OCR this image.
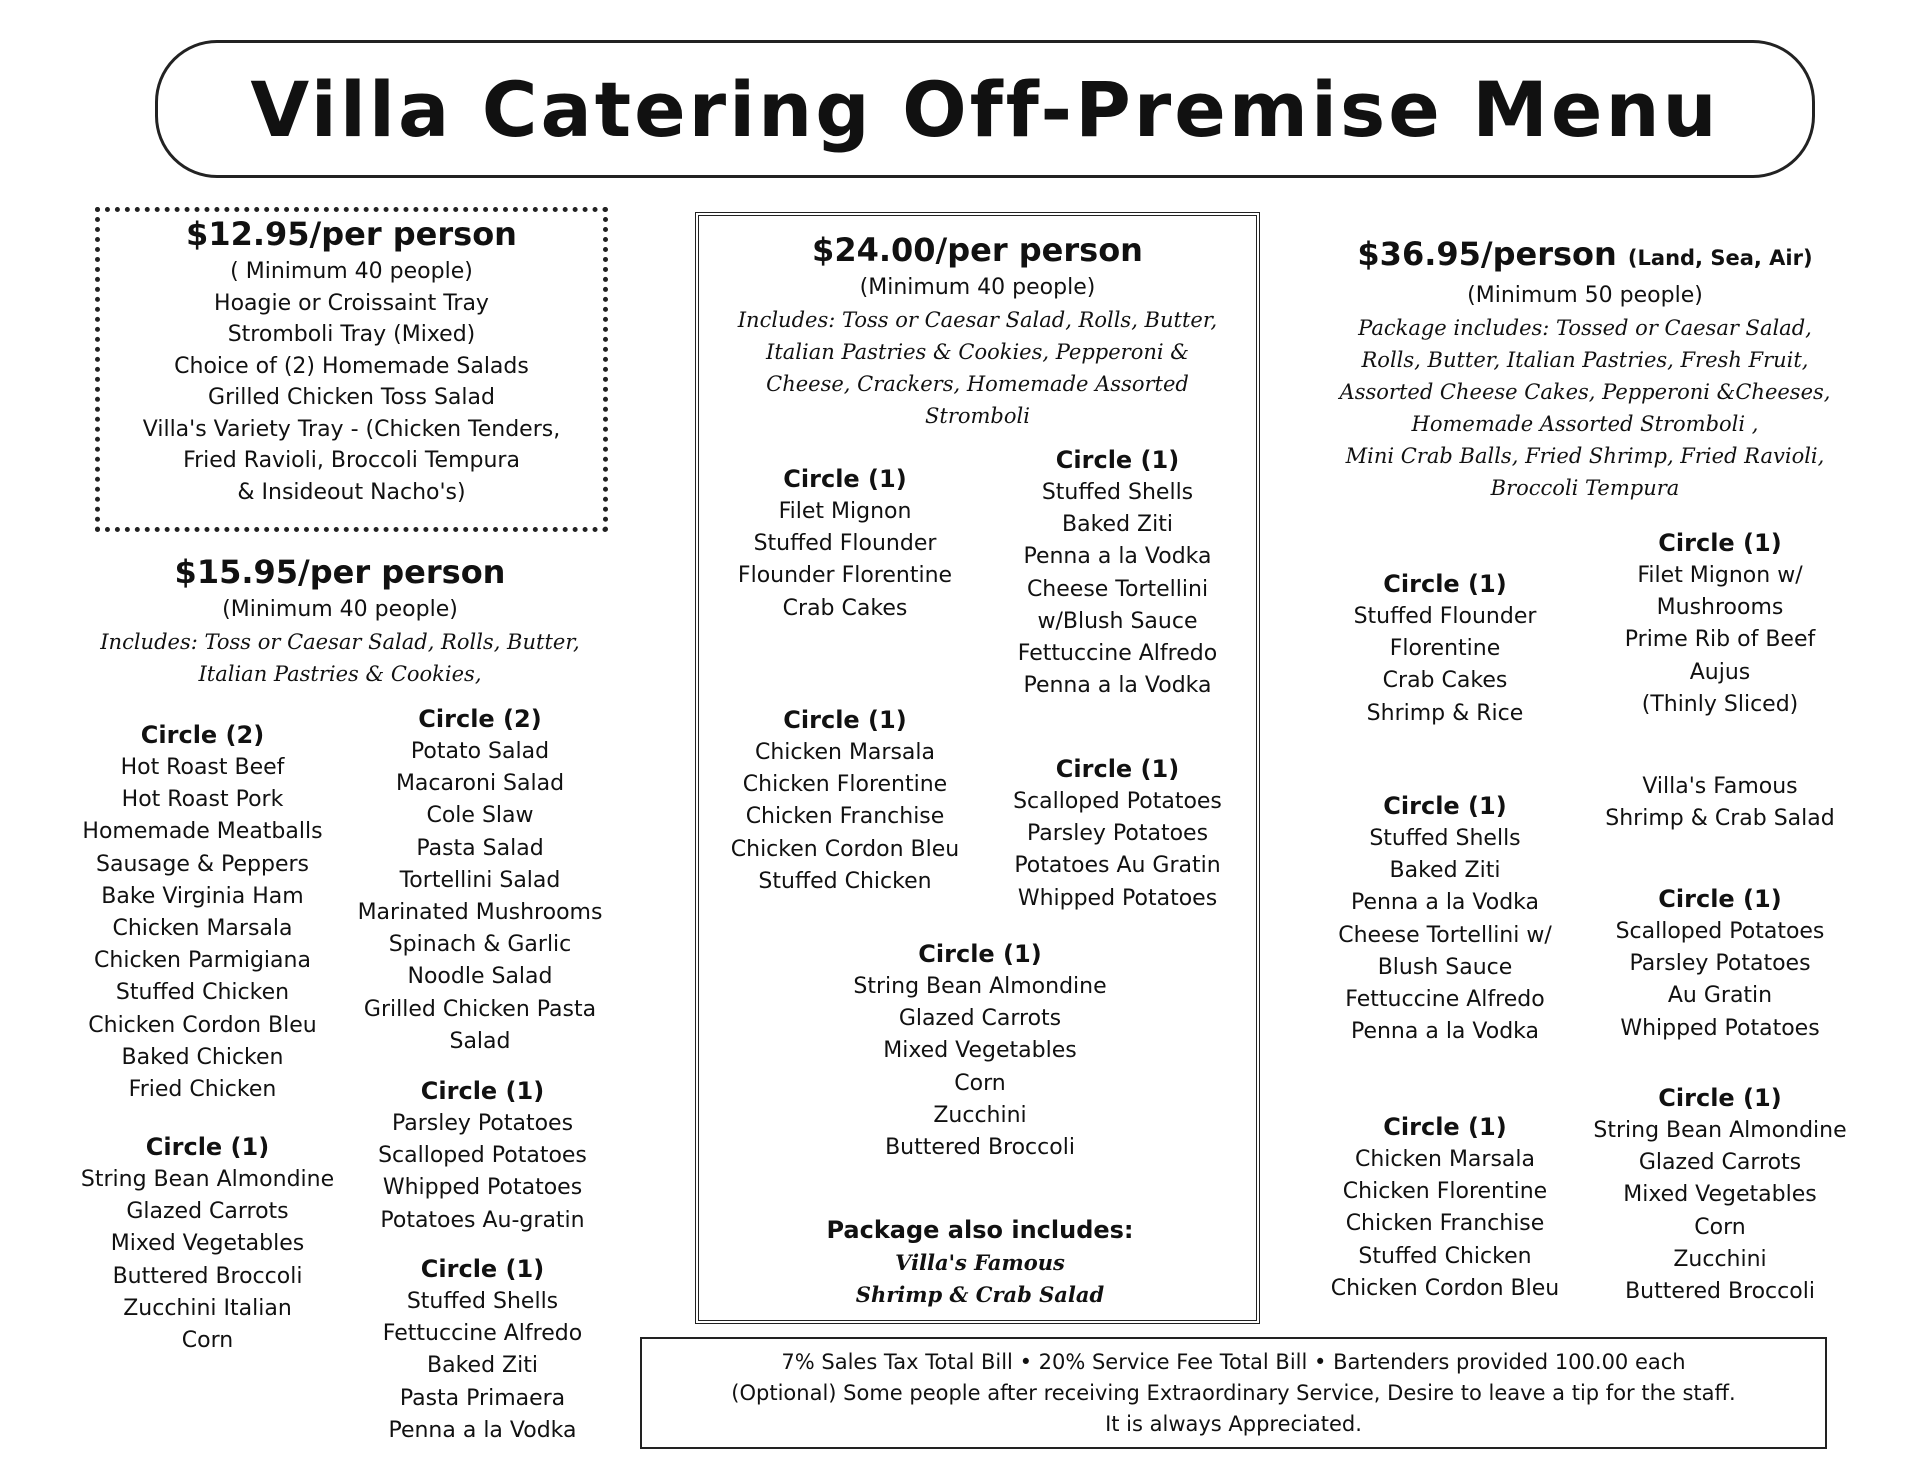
Villa Catering Off-Premise Menu
$12.95/per person
( Minimum 40 people)
Hoagie or Croissaint Tray
Stromboli Tray (Mixed)
Choice of (2) Homemade Salads
Grilled Chicken Toss Salad
Villa's Variety Tray - (Chicken Tenders,
Fried Ravioli, Broccoli Tempura
& Insideout Nacho's)
$15.95/per person
(Minimum 40 people)
Includes: Toss or Caesar Salad, Rolls, Butter,
Italian Pastries & Cookies,
Circle (2)
Hot Roast Beef
Hot Roast Pork
Homemade Meatballs
Sausage & Peppers
Bake Virginia Ham
Chicken Marsala
Chicken Parmigiana
Stuffed Chicken
Chicken Cordon Bleu
Baked Chicken
Fried Chicken
Circle (2)
Potato Salad
Macaroni Salad
Cole Slaw
Pasta Salad
Tortellini Salad
Marinated Mushrooms
Spinach & Garlic
Noodle Salad
Grilled Chicken Pasta
Salad
Circle (1)
String Bean Almondine
Glazed Carrots
Mixed Vegetables
Buttered Broccoli
Zucchini Italian
Corn
Circle (1)
Parsley Potatoes
Scalloped Potatoes
Whipped Potatoes
Potatoes Au-gratin
Circle (1)
Stuffed Shells
Fettuccine Alfredo
Baked Ziti
Pasta Primaera
Penna a la Vodka
$24.00/per person
(Minimum 40 people)
Includes: Toss or Caesar Salad, Rolls, Butter,
Italian Pastries & Cookies, Pepperoni &
Cheese, Crackers, Homemade Assorted
Stromboli
Circle (1)
Filet Mignon
Stuffed Flounder
Flounder Florentine
Crab Cakes
Circle (1)
Stuffed Shells
Baked Ziti
Penna a la Vodka
Cheese Tortellini
w/Blush Sauce
Fettuccine Alfredo
Penna a la Vodka
Circle (1)
Chicken Marsala
Chicken Florentine
Chicken Franchise
Chicken Cordon Bleu
Stuffed Chicken
Circle (1)
Scalloped Potatoes
Parsley Potatoes
Potatoes Au Gratin
Whipped Potatoes
Circle (1)
String Bean Almondine
Glazed Carrots
Mixed Vegetables
Corn
Zucchini
Buttered Broccoli
Package also includes:
Villa's Famous
Shrimp & Crab Salad
$36.95/person (Land, Sea, Air)
(Minimum 50 people)
Package includes: Tossed or Caesar Salad,
Rolls, Butter, Italian Pastries, Fresh Fruit,
Assorted Cheese Cakes, Pepperoni &Cheeses,
Homemade Assorted Stromboli ,
Mini Crab Balls, Fried Shrimp, Fried Ravioli,
Broccoli Tempura
Circle (1)
Stuffed Flounder
Florentine
Crab Cakes
Shrimp & Rice
Circle (1)
Filet Mignon w/
Mushrooms
Prime Rib of Beef
Aujus
(Thinly Sliced)
Villa's Famous
Shrimp & Crab Salad
Circle (1)
Stuffed Shells
Baked Ziti
Penna a la Vodka
Cheese Tortellini w/
Blush Sauce
Fettuccine Alfredo
Penna a la Vodka
Circle (1)
Scalloped Potatoes
Parsley Potatoes
Au Gratin
Whipped Potatoes
Circle (1)
Chicken Marsala
Chicken Florentine
Chicken Franchise
Stuffed Chicken
Chicken Cordon Bleu
Circle (1)
String Bean Almondine
Glazed Carrots
Mixed Vegetables
Corn
Zucchini
Buttered Broccoli
7% Sales Tax Total Bill • 20% Service Fee Total Bill • Bartenders provided 100.00 each
(Optional) Some people after receiving Extraordinary Service, Desire to leave a tip for the staff.
It is always Appreciated.
